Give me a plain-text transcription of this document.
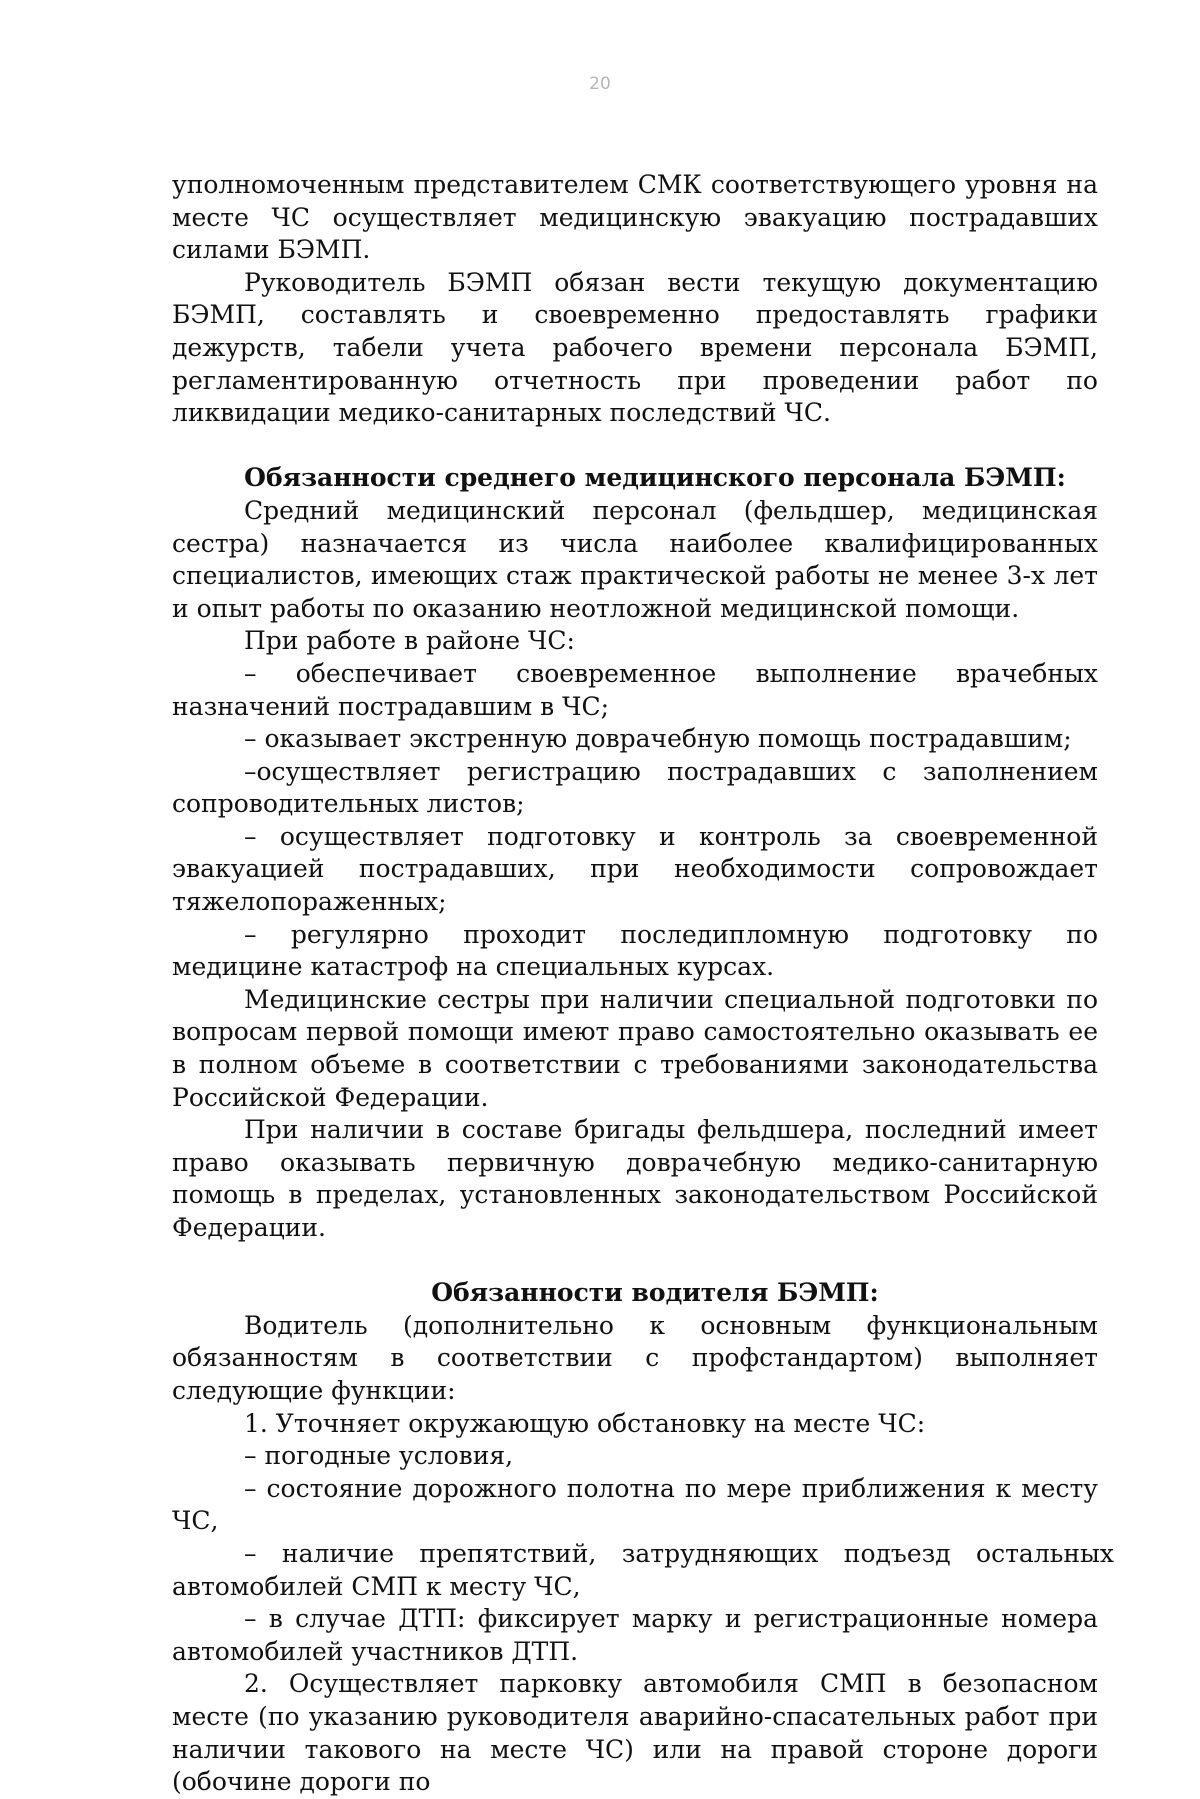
20

уполномоченным представителем СМК соответствующего уровня на месте ЧС осуществляет медицинскую эвакуацию пострадавших силами БЭМП.

Руководитель БЭМП обязан вести текущую документацию БЭМП, составлять и своевременно предоставлять графики дежурств, табели учета рабочего времени персонала БЭМП, регламентированную отчетность при проведении работ по ликвидации медико-санитарных последствий ЧС.

Обязанности среднего медицинского персонала БЭМП:

Средний медицинский персонал (фельдшер, медицинская сестра) назначается из числа наиболее квалифицированных специалистов, имеющих стаж практической работы не менее 3-х лет и опыт работы по оказанию неотложной медицинской помощи.

При работе в районе ЧС:

– обеспечивает своевременное выполнение врачебных назначений пострадавшим в ЧС;

– оказывает экстренную доврачебную помощь пострадавшим;

–осуществляет регистрацию пострадавших с заполнением сопроводительных листов;

– осуществляет подготовку и контроль за своевременной эвакуацией пострадавших, при необходимости сопровождает тяжелопораженных;

– регулярно проходит последипломную подготовку по медицине катастроф на специальных курсах.

Медицинские сестры при наличии специальной подготовки по вопросам первой помощи имеют право самостоятельно оказывать ее в полном объеме в соответствии с требованиями законодательства Российской Федерации.

При наличии в составе бригады фельдшера, последний имеет право оказывать первичную доврачебную медико-санитарную помощь в пределах, установленных законодательством Российской Федерации.

Обязанности водителя БЭМП:

Водитель (дополнительно к основным функциональным обязанностям в соответствии с профстандартом) выполняет следующие функции:

1. Уточняет окружающую обстановку на месте ЧС:

– погодные условия,

– состояние дорожного полотна по мере приближения к месту ЧС,

– наличие препятствий, затрудняющих подъезд остальных автомобилей СМП к месту ЧС,

– в случае ДТП: фиксирует марку и регистрационные номера автомобилей участников ДТП.

2. Осуществляет парковку автомобиля СМП в безопасном месте (по указанию руководителя аварийно-спасательных работ при наличии такового на месте ЧС) или на правой стороне дороги (обочине дороги по
